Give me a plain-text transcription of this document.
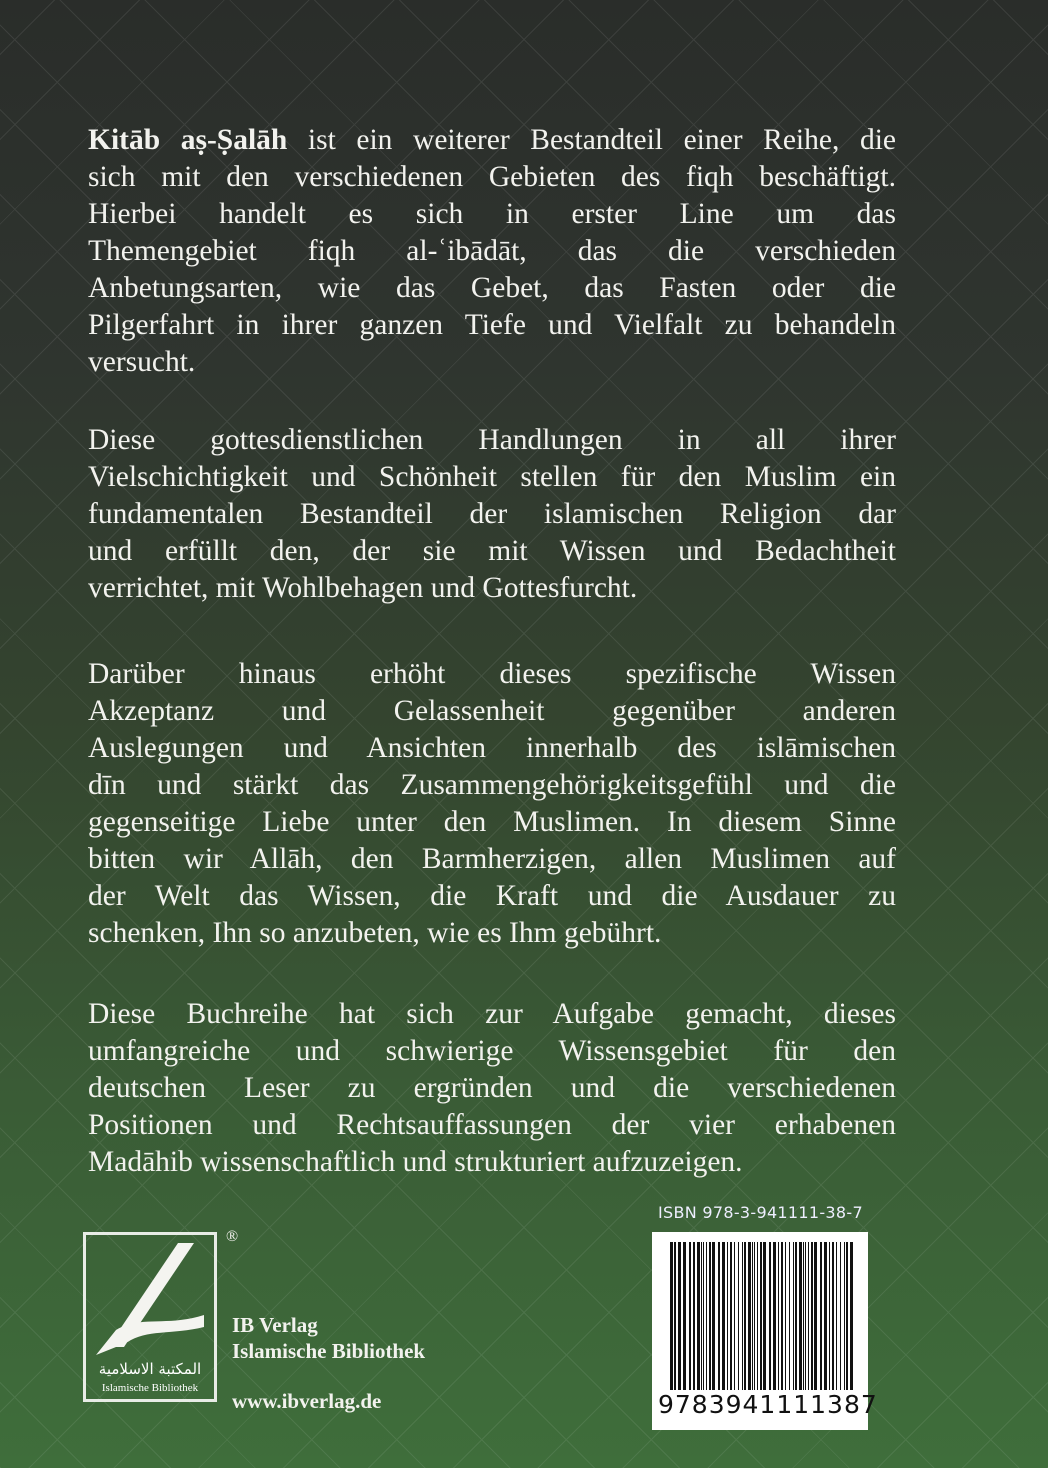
Kitāb aṣ-Ṣalāh ist ein weiterer Bestandteil einer Reihe, die
sich mit den verschiedenen Gebieten des fiqh beschäftigt.
Hierbei handelt es sich in erster Line um das
Themengebiet fiqh al-ʿibādāt, das die verschieden
Anbetungsarten, wie das Gebet, das Fasten oder die
Pilgerfahrt in ihrer ganzen Tiefe und Vielfalt zu behandeln
versucht.
Diese gottesdienstlichen Handlungen in all ihrer
Vielschichtigkeit und Schönheit stellen für den Muslim ein
fundamentalen Bestandteil der islamischen Religion dar
und erfüllt den, der sie mit Wissen und Bedachtheit
verrichtet, mit Wohlbehagen und Gottesfurcht.
Darüber hinaus erhöht dieses spezifische Wissen
Akzeptanz und Gelassenheit gegenüber anderen
Auslegungen und Ansichten innerhalb des islāmischen
dīn und stärkt das Zusammengehörigkeitsgefühl und die
gegenseitige Liebe unter den Muslimen. In diesem Sinne
bitten wir Allāh, den Barmherzigen, allen Muslimen auf
der Welt das Wissen, die Kraft und die Ausdauer zu
schenken, Ihn so anzubeten, wie es Ihm gebührt.
Diese Buchreihe hat sich zur Aufgabe gemacht, dieses
umfangreiche und schwierige Wissensgebiet für den
deutschen Leser zu ergründen und die verschiedenen
Positionen und Rechtsauffassungen der vier erhabenen
Madāhib wissenschaftlich und strukturiert aufzuzeigen.
ISBN 978-3-941111-38-7
9783941111387
المكتبة الاسلامية
Islamische Bibliothek
®
IB Verlag
Islamische Bibliothek
www.ibverlag.de
